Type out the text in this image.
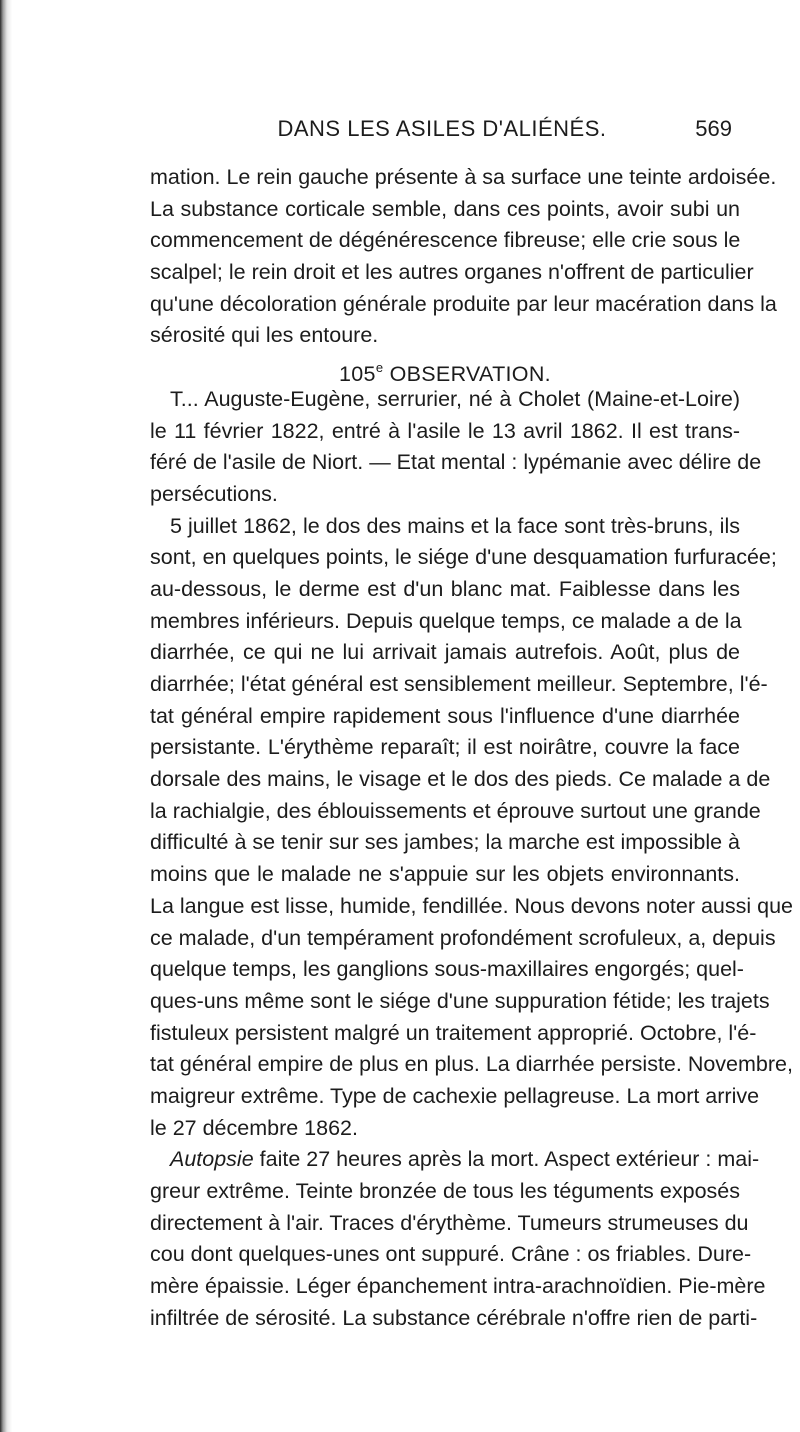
DANS LES ASILES D'ALIÉNÉS.	569
mation. Le rein gauche présente à sa surface une teinte ardoisée.
La substance corticale semble, dans ces points, avoir subi un
commencement de dégénérescence fibreuse; elle crie sous le
scalpel; le rein droit et les autres organes n'offrent de particulier
qu'une décoloration générale produite par leur macération dans la
sérosité qui les entoure.
105e OBSERVATION.
T... Auguste-Eugène, serrurier, né à Cholet (Maine-et-Loire)
le 11 février 1822, entré à l'asile le 13 avril 1862. Il est trans-
féré de l'asile de Niort. — Etat mental : lypémanie avec délire de
persécutions.
5 juillet 1862, le dos des mains et la face sont très-bruns, ils
sont, en quelques points, le siége d'une desquamation furfuracée;
au-dessous, le derme est d'un blanc mat. Faiblesse dans les
membres inférieurs. Depuis quelque temps, ce malade a de la
diarrhée, ce qui ne lui arrivait jamais autrefois. Août, plus de
diarrhée; l'état général est sensiblement meilleur. Septembre, l'é-
tat général empire rapidement sous l'influence d'une diarrhée
persistante. L'érythème reparaît; il est noirâtre, couvre la face
dorsale des mains, le visage et le dos des pieds. Ce malade a de
la rachialgie, des éblouissements et éprouve surtout une grande
difficulté à se tenir sur ses jambes; la marche est impossible à
moins que le malade ne s'appuie sur les objets environnants.
La langue est lisse, humide, fendillée. Nous devons noter aussi que
ce malade, d'un tempérament profondément scrofuleux, a, depuis
quelque temps, les ganglions sous-maxillaires engorgés; quel-
ques-uns même sont le siége d'une suppuration fétide; les trajets
fistuleux persistent malgré un traitement approprié. Octobre, l'é-
tat général empire de plus en plus. La diarrhée persiste. Novembre,
maigreur extrême. Type de cachexie pellagreuse. La mort arrive
le 27 décembre 1862.
Autopsie faite 27 heures après la mort. Aspect extérieur : mai-
greur extrême. Teinte bronzée de tous les téguments exposés
directement à l'air. Traces d'érythème. Tumeurs strumeuses du
cou dont quelques-unes ont suppuré. Crâne : os friables. Dure-
mère épaissie. Léger épanchement intra-arachnoïdien. Pie-mère
infiltrée de sérosité. La substance cérébrale n'offre rien de parti-
